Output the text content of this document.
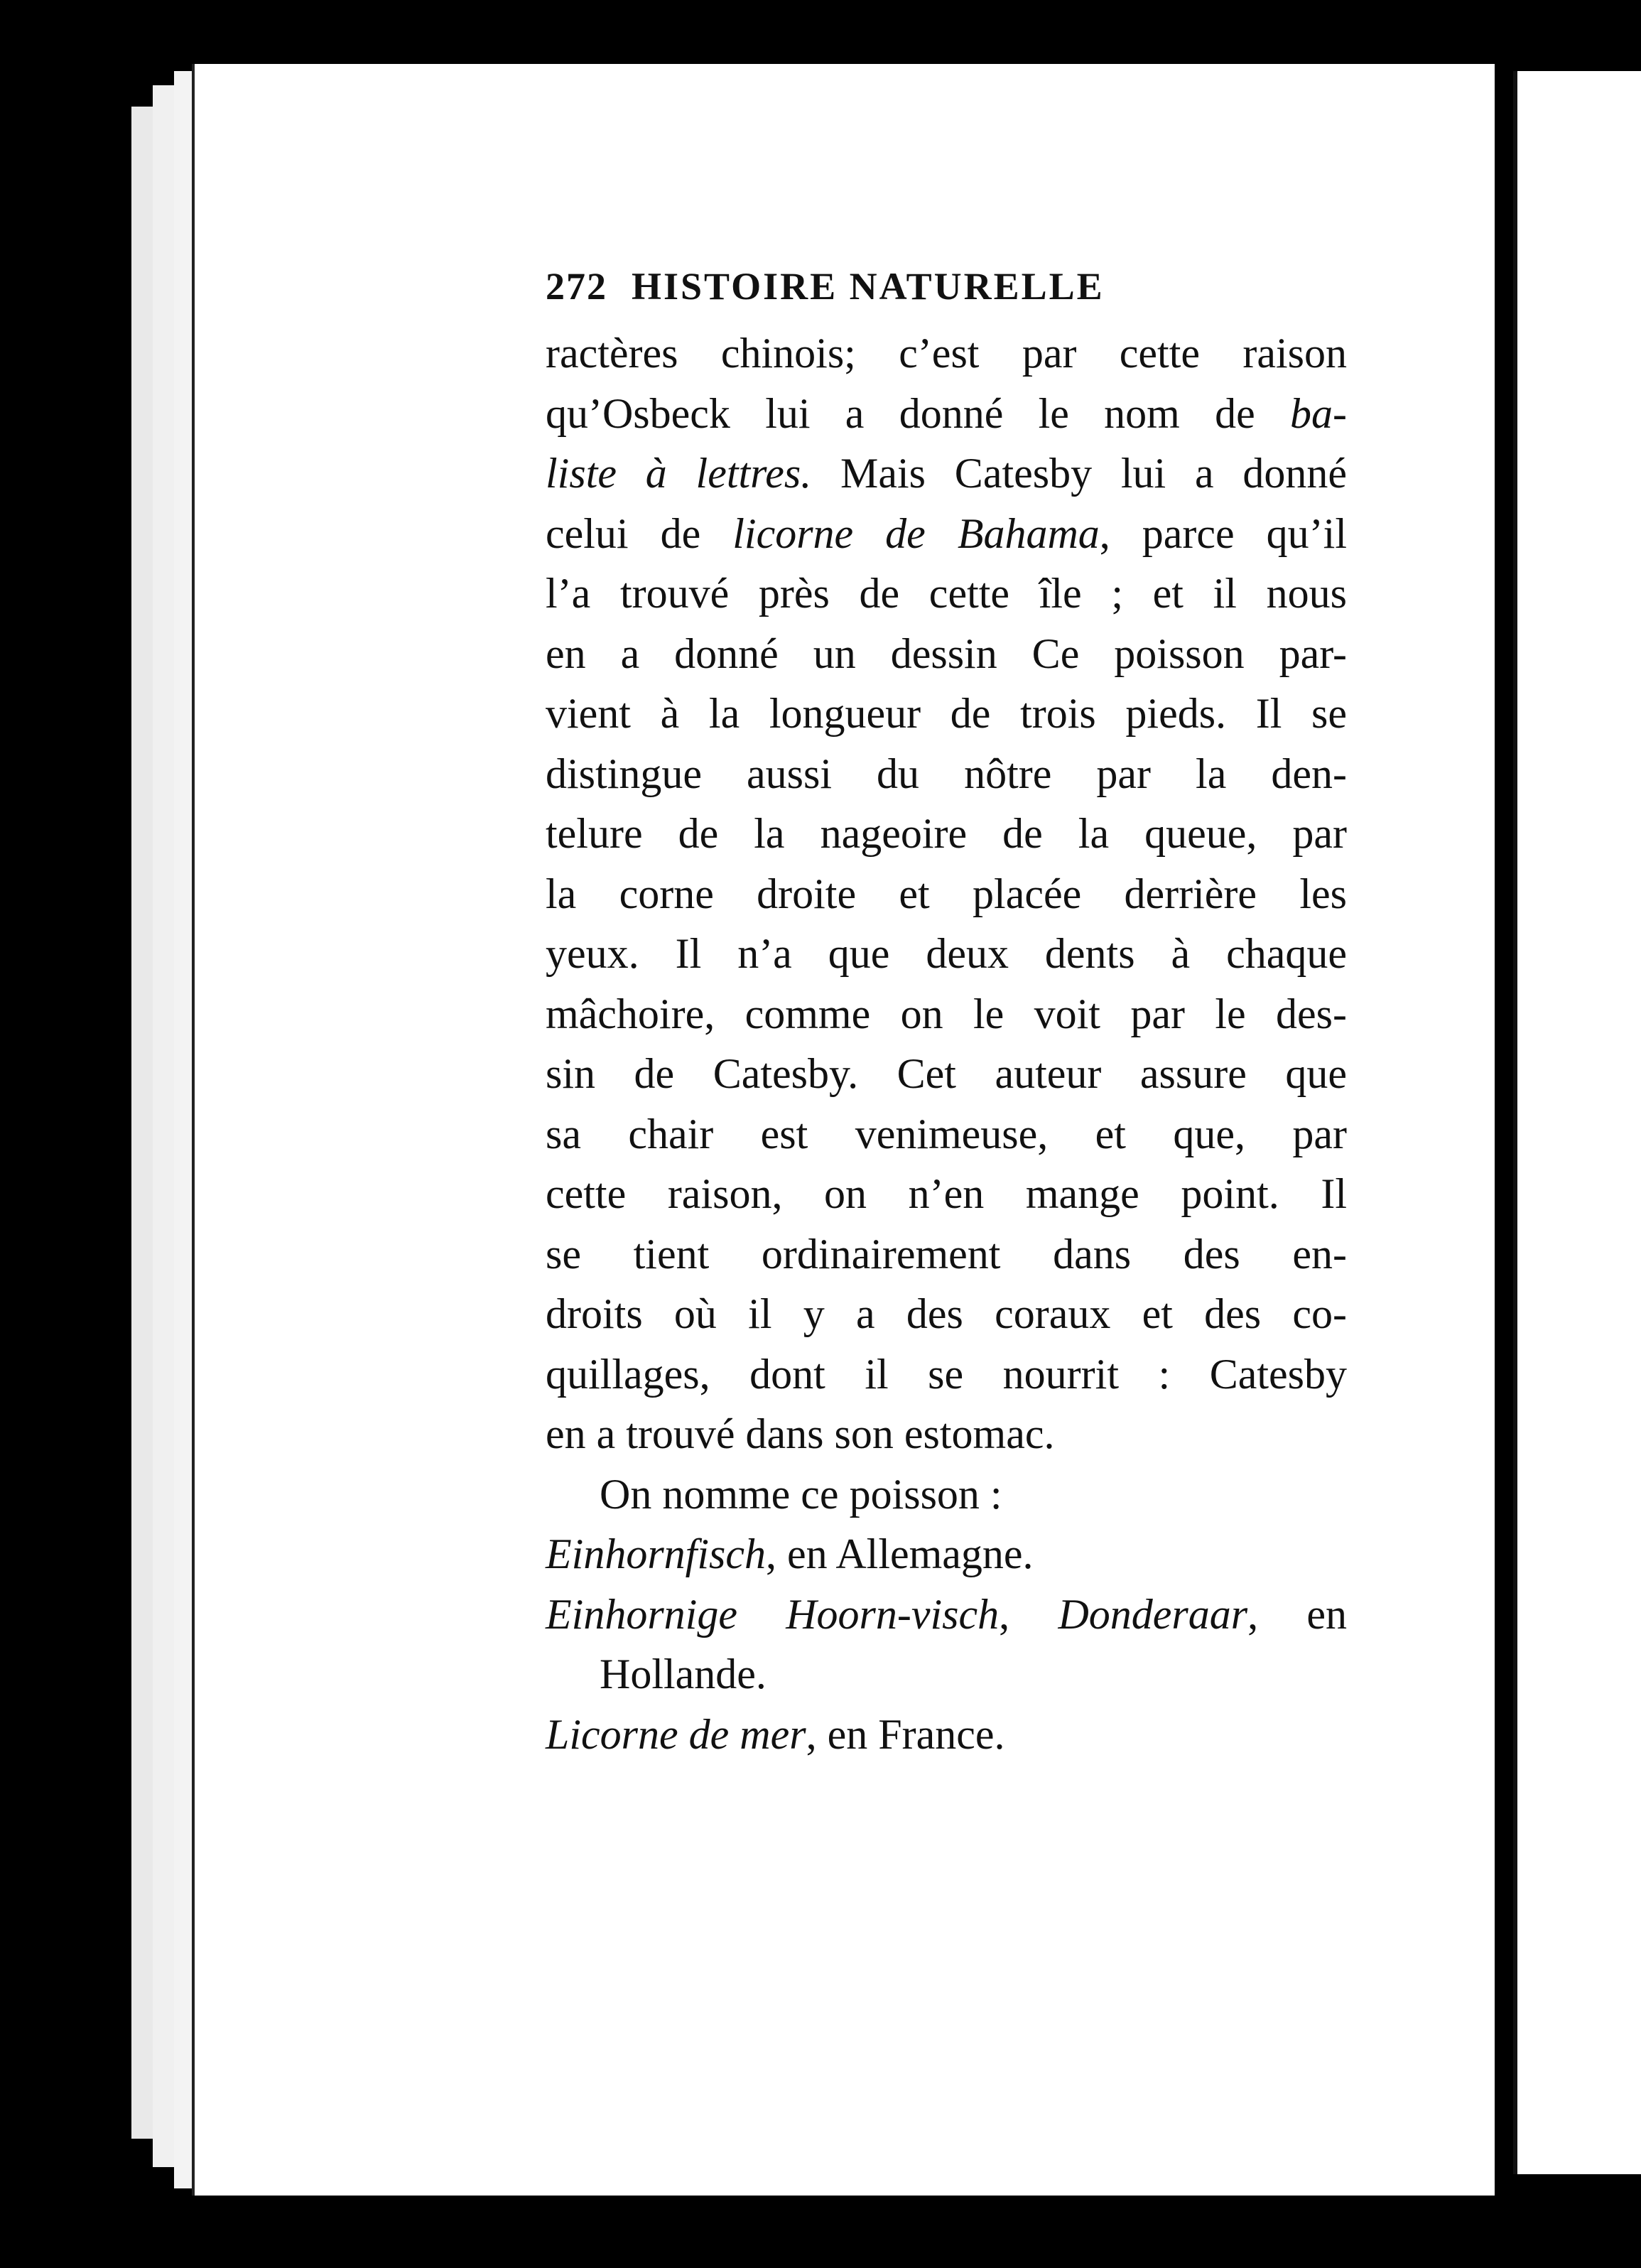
272 HISTOIRE NATURELLE
ractères chinois; c’est par cette raison
qu’Osbeck lui a donné le nom de ba-
liste à lettres. Mais Catesby lui a donné
celui de licorne de Bahama, parce qu’il
l’a trouvé près de cette île ; et il nous
en a donné un dessin Ce poisson par-
vient à la longueur de trois pieds. Il se
distingue aussi du nôtre par la den-
telure de la nageoire de la queue, par
la corne droite et placée derrière les
yeux. Il n’a que deux dents à chaque
mâchoire, comme on le voit par le des-
sin de Catesby. Cet auteur assure que
sa chair est venimeuse, et que, par
cette raison, on n’en mange point. Il
se tient ordinairement dans des en-
droits où il y a des coraux et des co-
quillages, dont il se nourrit : Catesby
en a trouvé dans son estomac.
On nomme ce poisson :
Einhornfisch, en Allemagne.
Einhornige Hoorn-visch, Donderaar, en
Hollande.
Licorne de mer, en France.
